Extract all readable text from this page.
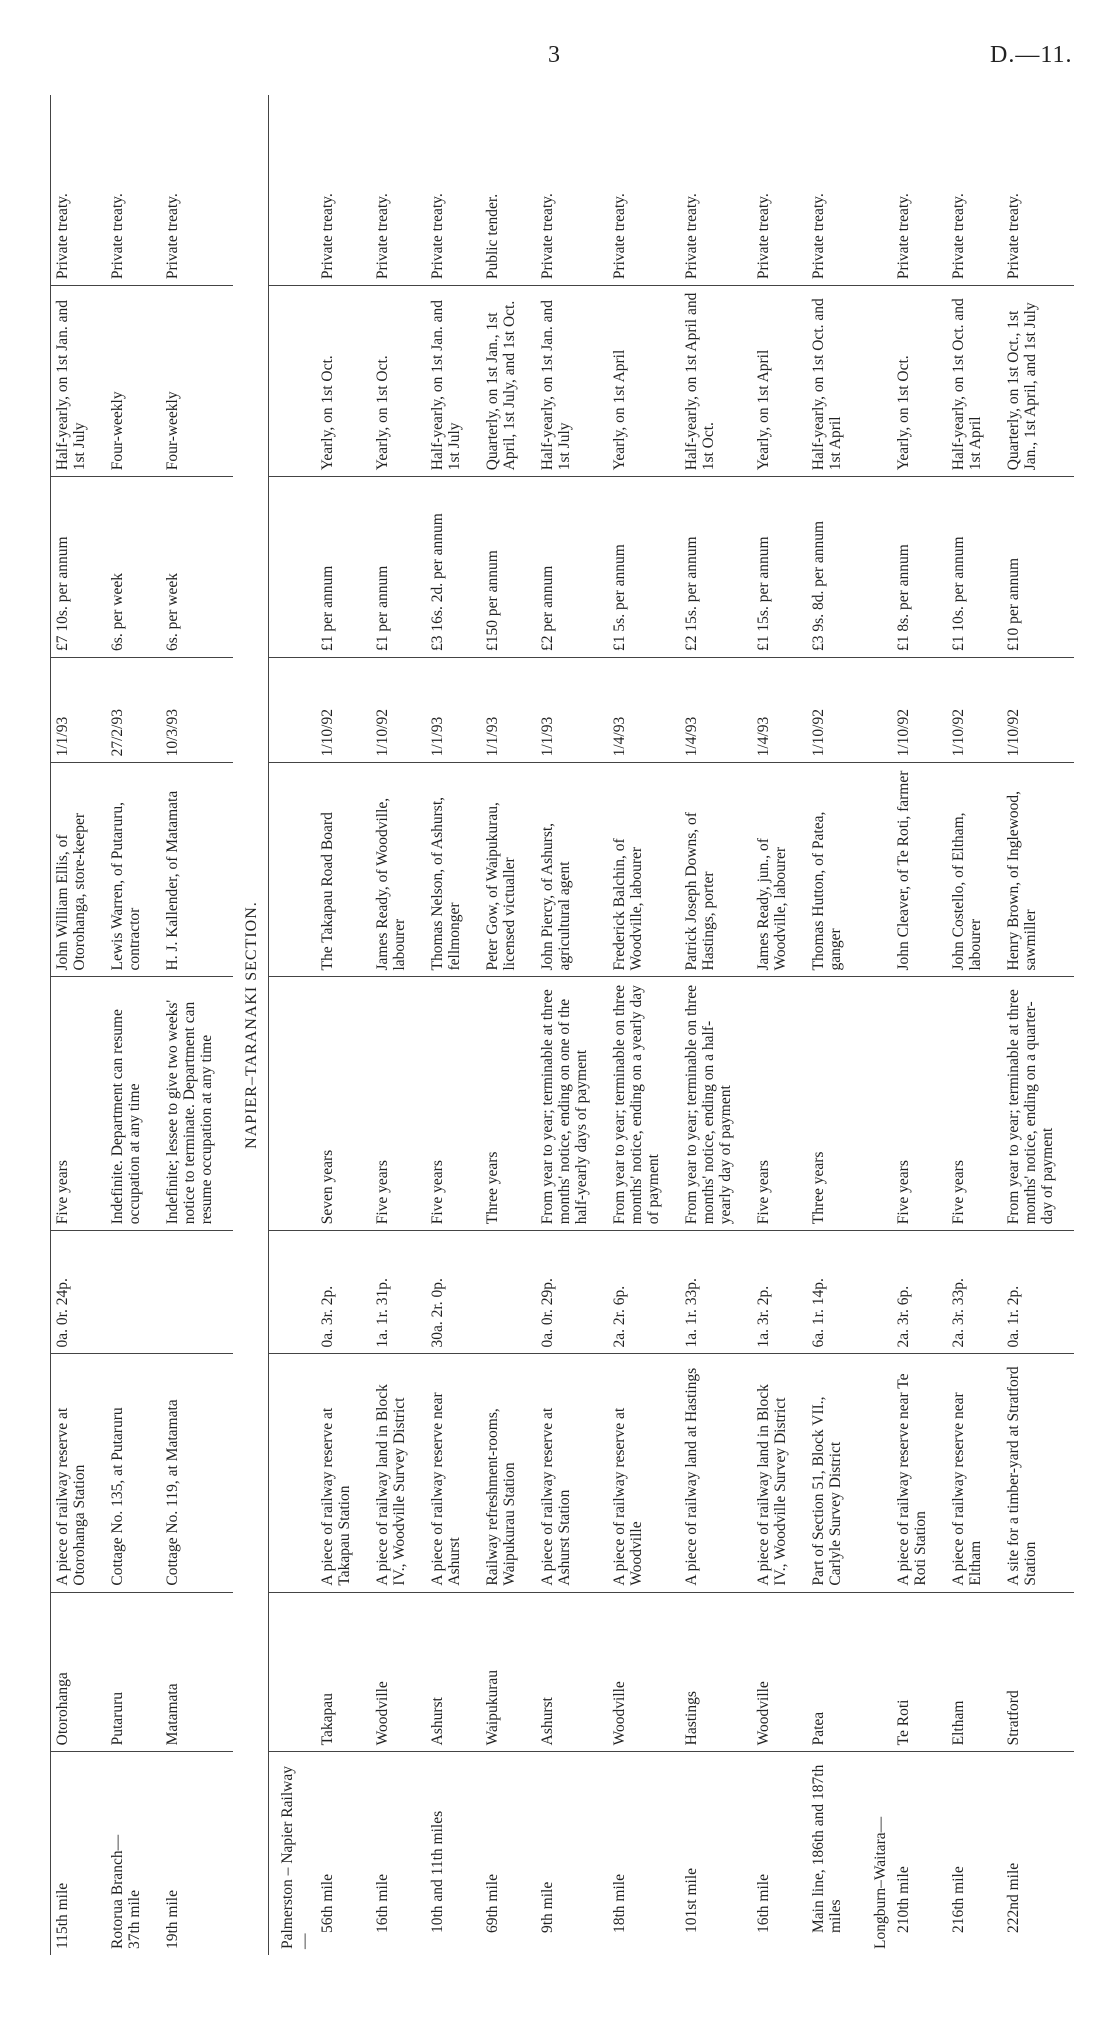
3	D.—11.
115th mile	Otorohanga	A piece of railway reserve at Otorohanga Station	0a. 0r. 24p.	Five years	John William Ellis, of Otorohanga, store-keeper	1/1/93	£7 10s. per annum	Half-yearly, on 1st Jan. and 1st July	Private treaty.
Rotorua Branch—
37th mile	Putaruru	Cottage No. 135, at Putaruru		Indefinite. Department can resume occupation at any time	Lewis Warren, of Putaruru, contractor	27/2/93	6s. per week	Four-weekly	Private treaty.
19th mile	Matamata	Cottage No. 119, at Matamata		Indefinite; lessee to give two weeks' notice to terminate. Department can resume occupation at any time	H. J. Kallender, of Matamata	10/3/93	6s. per week	Four-weekly	Private treaty.
NAPIER–TARANAKI SECTION.									
Palmerston – Napier Railway—									
56th mile	Takapau	A piece of railway reserve at Takapau Station	0a. 3r. 2p.	Seven years	The Takapau Road Board	1/10/92	£1 per annum	Yearly, on 1st Oct.	Private treaty.
16th mile	Woodville	A piece of railway land in Block IV., Woodville Survey District	1a. 1r. 31p.	Five years	James Ready, of Woodville, labourer	1/10/92	£1 per annum	Yearly, on 1st Oct.	Private treaty.
10th and 11th miles	Ashurst	A piece of railway reserve near Ashurst	30a. 2r. 0p.	Five years	Thomas Nelson, of Ashurst, fellmonger	1/1/93	£3 16s. 2d. per annum	Half-yearly, on 1st Jan. and 1st July	Private treaty.
69th mile	Waipukurau	Railway refreshment-rooms, Waipukurau Station		Three years	Peter Gow, of Waipukurau, licensed victualler	1/1/93	£150 per annum	Quarterly, on 1st Jan., 1st April, 1st July, and 1st Oct.	Public tender.
9th mile	Ashurst	A piece of railway reserve at Ashurst Station	0a. 0r. 29p.	From year to year; terminable at three months' notice, ending on one of the half-yearly days of payment	John Piercy, of Ashurst, agricultural agent	1/1/93	£2 per annum	Half-yearly, on 1st Jan. and 1st July	Private treaty.
18th mile	Woodville	A piece of railway reserve at Woodville	2a. 2r. 6p.	From year to year; terminable on three months' notice, ending on a yearly day of payment	Frederick Balchin, of Woodville, labourer	1/4/93	£1 5s. per annum	Yearly, on 1st April	Private treaty.
101st mile	Hastings	A piece of railway land at Hastings	1a. 1r. 33p.	From year to year; terminable on three months' notice, ending on a half-yearly day of payment	Patrick Joseph Downs, of Hastings, porter	1/4/93	£2 15s. per annum	Half-yearly, on 1st April and 1st Oct.	Private treaty.
16th mile	Woodville	A piece of railway land in Block IV., Woodville Survey District	1a. 3r. 2p.	Five years	James Ready, jun., of Woodville, labourer	1/4/93	£1 15s. per annum	Yearly, on 1st April	Private treaty.
Main line, 186th and 187th miles	Patea	Part of Section 51, Block VII., Carlyle Survey District	6a. 1r. 14p.	Three years	Thomas Hutton, of Patea, ganger	1/10/92	£3 9s. 8d. per annum	Half-yearly, on 1st Oct. and 1st April	Private treaty.
Longburn–Waitara—									
210th mile	Te Roti	A piece of railway reserve near Te Roti Station	2a. 3r. 6p.	Five years	John Cleaver, of Te Roti, farmer	1/10/92	£1 8s. per annum	Yearly, on 1st Oct.	Private treaty.
216th mile	Eltham	A piece of railway reserve near Eltham	2a. 3r. 33p.	Five years	John Costello, of Eltham, labourer	1/10/92	£1 10s. per annum	Half-yearly, on 1st Oct. and 1st April	Private treaty.
222nd mile	Stratford	A site for a timber-yard at Stratford Station	0a. 1r. 2p.	From year to year; terminable at three months' notice, ending on a quarter-day of payment	Henry Brown, of Inglewood, sawmiller	1/10/92	£10 per annum	Quarterly, on 1st Oct., 1st Jan., 1st April, and 1st July	Private treaty.
